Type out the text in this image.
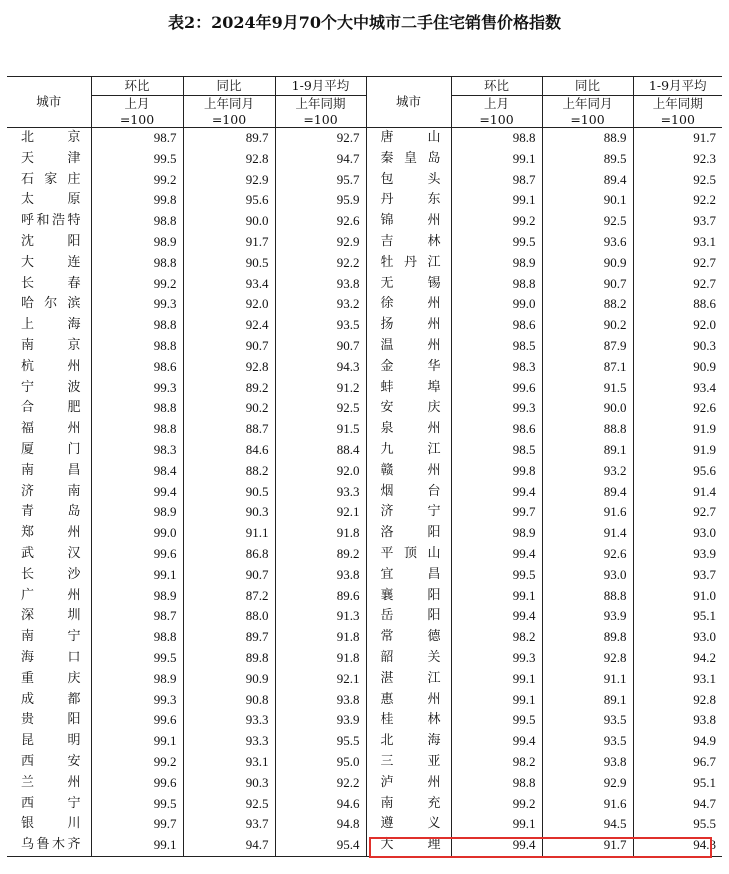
表2：2024年9月70个大中城市二手住宅销售价格指数
城市	环比	同比	1-9月平均	城市	环比	同比	1-9月平均
	上月	上年同月	上年同期		上月	上年同月	上年同期
	=100	=100	=100		=100	=100	=100
北　京	98.7	89.7	92.7	唐　山	98.8	88.9	91.7
天　津	99.5	92.8	94.7	秦皇岛	99.1	89.5	92.3
石家庄	99.2	92.9	95.7	包　头	98.7	89.4	92.5
太　原	99.8	95.6	95.9	丹　东	99.1	90.1	92.2
呼和浩特	98.8	90.0	92.6	锦　州	99.2	92.5	93.7
沈　阳	98.9	91.7	92.9	吉　林	99.5	93.6	93.1
大　连	98.8	90.5	92.2	牡丹江	98.9	90.9	92.7
长　春	99.2	93.4	93.8	无　锡	98.8	90.7	92.7
哈尔滨	99.3	92.0	93.2	徐　州	99.0	88.2	88.6
上　海	98.8	92.4	93.5	扬　州	98.6	90.2	92.0
南　京	98.8	90.7	90.7	温　州	98.5	87.9	90.3
杭　州	98.6	92.8	94.3	金　华	98.3	87.1	90.9
宁　波	99.3	89.2	91.2	蚌　埠	99.6	91.5	93.4
合　肥	98.8	90.2	92.5	安　庆	99.3	90.0	92.6
福　州	98.8	88.7	91.5	泉　州	98.6	88.8	91.9
厦　门	98.3	84.6	88.4	九　江	98.5	89.1	91.9
南　昌	98.4	88.2	92.0	赣　州	99.8	93.2	95.6
济　南	99.4	90.5	93.3	烟　台	99.4	89.4	91.4
青　岛	98.9	90.3	92.1	济　宁	99.7	91.6	92.7
郑　州	99.0	91.1	91.8	洛　阳	98.9	91.4	93.0
武　汉	99.6	86.8	89.2	平顶山	99.4	92.6	93.9
长　沙	99.1	90.7	93.8	宜　昌	99.5	93.0	93.7
广　州	98.9	87.2	89.6	襄　阳	99.1	88.8	91.0
深　圳	98.7	88.0	91.3	岳　阳	99.4	93.9	95.1
南　宁	98.8	89.7	91.8	常　德	98.2	89.8	93.0
海　口	99.5	89.8	91.8	韶　关	99.3	92.8	94.2
重　庆	98.9	90.9	92.1	湛　江	99.1	91.1	93.1
成　都	99.3	90.8	93.8	惠　州	99.1	89.1	92.8
贵　阳	99.6	93.3	93.9	桂　林	99.5	93.5	93.8
昆　明	99.1	93.3	95.5	北　海	99.4	93.5	94.9
西　安	99.2	93.1	95.0	三　亚	98.2	93.8	96.7
兰　州	99.6	90.3	92.2	泸　州	98.8	92.9	95.1
西　宁	99.5	92.5	94.6	南　充	99.2	91.6	94.7
银　川	99.7	93.7	94.8	遵　义	99.1	94.5	95.5
乌鲁木齐	99.1	94.7	95.4	大　理	99.4	91.7	94.3
